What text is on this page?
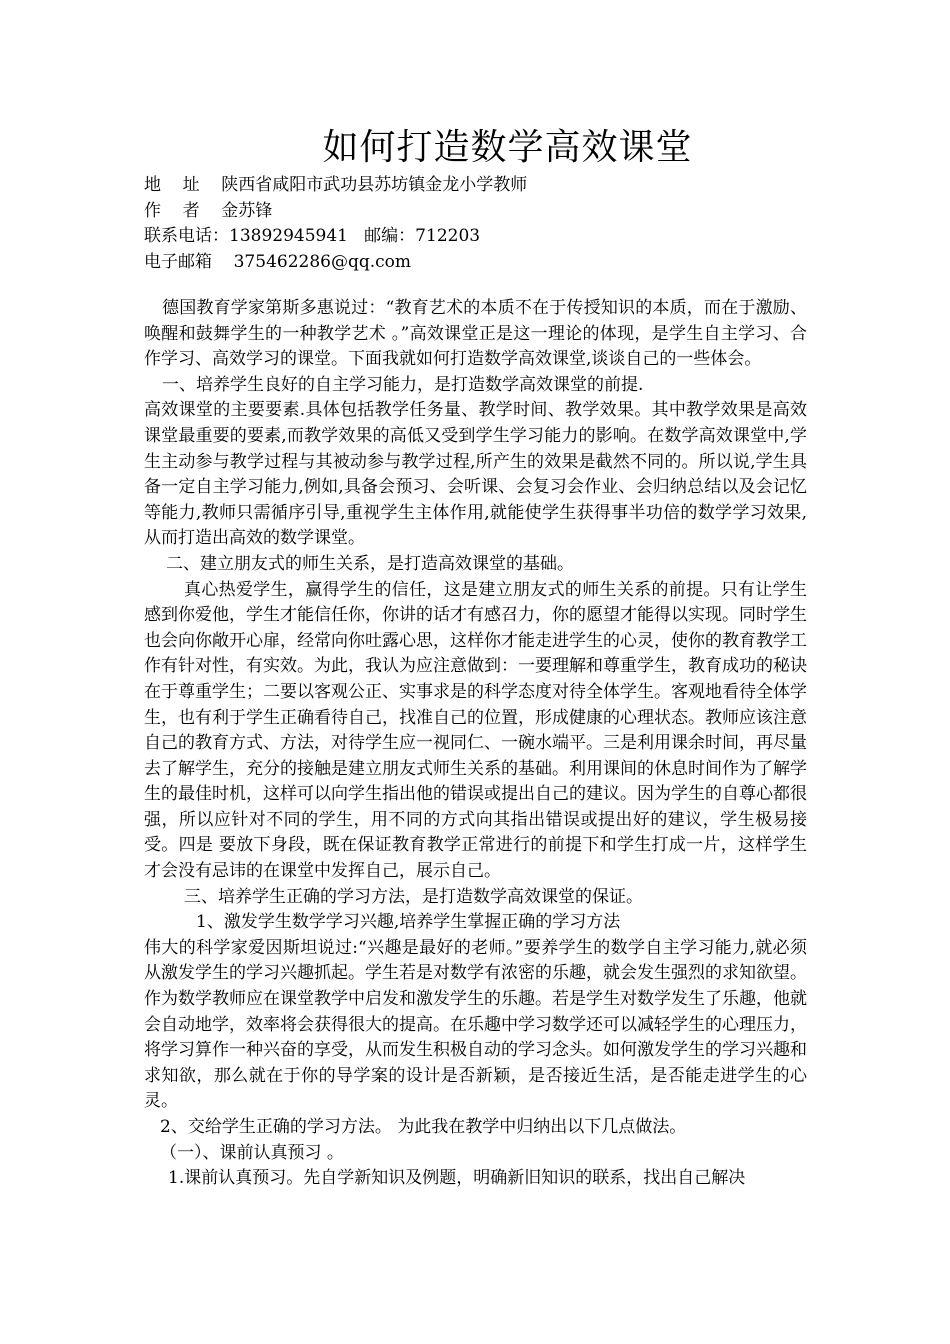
如何打造数学高效课堂
地    址    陕西省咸阳市武功县苏坊镇金龙小学教师
作    者    金苏锋
联系电话：13892945941   邮编：712203
电子邮箱    375462286@qq.com

德国教育学家第斯多惠说过：“教育艺术的本质不在于传授知识的本质，而在于激励、唤醒和鼓舞学生的一种教学艺术 。”高效课堂正是这一理论的体现，是学生自主学习、合作学习、高效学习的课堂。下面我就如何打造数学高效课堂,谈谈自己的一些体会。

一、培养学生良好的自主学习能力，是打造数学高效课堂的前提.

高效课堂的主要要素.具体包括教学任务量、教学时间、教学效果。其中教学效果是高效课堂最重要的要素,而教学效果的高低又受到学生学习能力的影响。在数学高效课堂中,学生主动参与教学过程与其被动参与教学过程,所产生的效果是截然不同的。所以说,学生具备一定自主学习能力,例如,具备会预习、会听课、会复习会作业、会归纳总结以及会记忆等能力,教师只需循序引导,重视学生主体作用,就能使学生获得事半功倍的数学学习效果,从而打造出高效的数学课堂。

二、建立朋友式的师生关系，是打造高效课堂的基础。

真心热爱学生，赢得学生的信任，这是建立朋友式的师生关系的前提。只有让学生感到你爱他，学生才能信任你，你讲的话才有感召力，你的愿望才能得以实现。同时学生也会向你敞开心扉，经常向你吐露心思，这样你才能走进学生的心灵，使你的教育教学工作有针对性，有实效。为此，我认为应注意做到：一要理解和尊重学生，教育成功的秘诀在于尊重学生；二要以客观公正、实事求是的科学态度对待全体学生。客观地看待全体学生，也有利于学生正确看待自己，找准自己的位置，形成健康的心理状态。教师应该注意自己的教育方式、方法，对待学生应一视同仁、一碗水端平。三是利用课余时间，再尽量去了解学生，充分的接触是建立朋友式师生关系的基础。利用课间的休息时间作为了解学生的最佳时机，这样可以向学生指出他的错误或提出自己的建议。因为学生的自尊心都很强，所以应针对不同的学生，用不同的方式向其指出错误或提出好的建议，学生极易接受。四是 要放下身段，既在保证教育教学正常进行的前提下和学生打成一片，这样学生才会没有忌讳的在课堂中发挥自己，展示自己。

三、培养学生正确的学习方法，是打造数学高效课堂的保证。

1、激发学生数学学习兴趣,培养学生掌握正确的学习方法

伟大的科学家爱因斯坦说过:“兴趣是最好的老师。”要养学生的数学自主学习能力,就必须从激发学生的学习兴趣抓起。学生若是对数学有浓密的乐趣，就会发生强烈的求知欲望。作为数学教师应在课堂教学中启发和激发学生的乐趣。若是学生对数学发生了乐趣，他就会自动地学，效率将会获得很大的提高。在乐趣中学习数学还可以减轻学生的心理压力，将学习算作一种兴奋的享受，从而发生积极自动的学习念头。如何激发学生的学习兴趣和求知欲，那么就在于你的导学案的设计是否新颖，是否接近生活，是否能走进学生的心灵。

2、交给学生正确的学习方法。 为此我在教学中归纳出以下几点做法。

（一）、课前认真预习 。

1.课前认真预习。先自学新知识及例题，明确新旧知识的联系，找出自己解决
